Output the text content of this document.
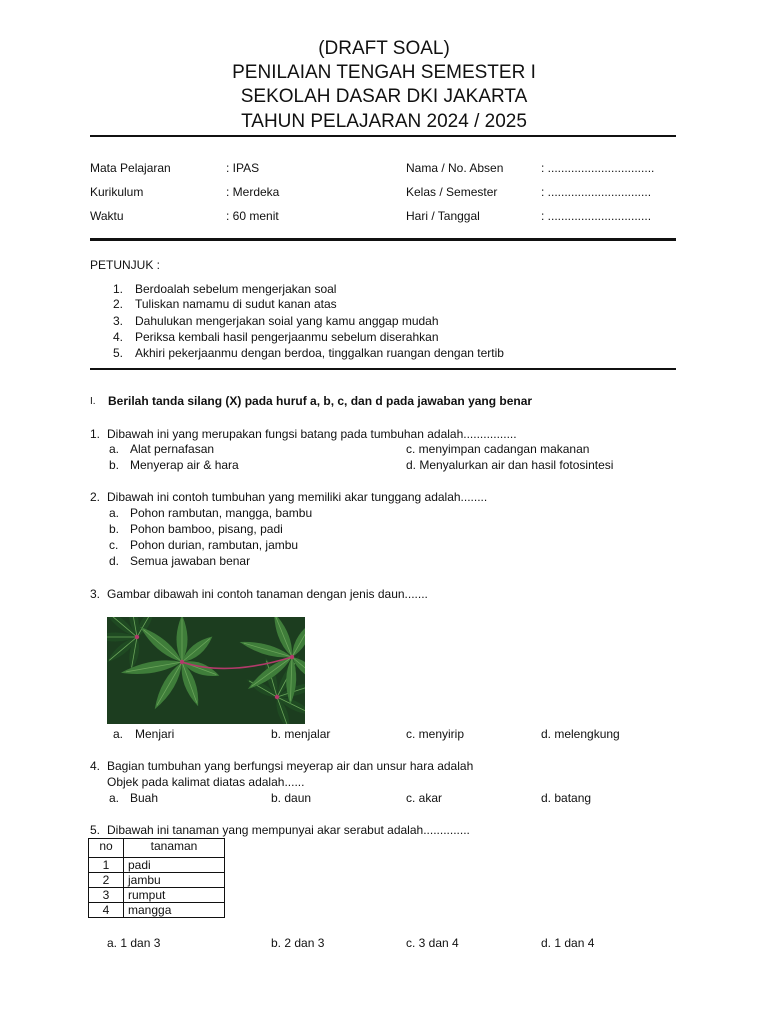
(DRAFT SOAL)
PENILAIAN TENGAH SEMESTER I
SEKOLAH DASAR DKI JAKARTA
TAHUN PELAJARAN 2024 / 2025
Mata Pelajaran	: IPAS
Kurikulum	: Merdeka
Waktu	: 60 menit
Nama / No. Absen	: ................................
Kelas / Semester	: ...............................
Hari / Tanggal	: ...............................
PETUNJUK :
1. Berdoalah sebelum mengerjakan soal
2. Tuliskan namamu di sudut kanan atas
3. Dahulukan mengerjakan soial yang kamu anggap mudah
4. Periksa kembali hasil pengerjaanmu sebelum diserahkan
5. Akhiri pekerjaanmu dengan berdoa, tinggalkan ruangan dengan tertib
I. Berilah tanda silang (X) pada huruf a, b, c, dan d pada jawaban yang benar
1. Dibawah ini yang merupakan fungsi batang pada tumbuhan adalah................
a. Alat pernafasan
b. Menyerap air & hara
c. menyimpan cadangan makanan
d. Menyalurkan air dan hasil fotosintesi
2. Dibawah ini contoh tumbuhan yang memiliki akar tunggang adalah........
a. Pohon rambutan, mangga, bambu
b. Pohon bamboo, pisang, padi
c. Pohon durian, rambutan, jambu
d. Semua jawaban benar
3. Gambar dibawah ini contoh tanaman dengan jenis daun.......
a. Menjari	b. menjalar	c. menyirip	d. melengkung
4. Bagian tumbuhan yang berfungsi meyerap air dan unsur hara adalah
Objek pada kalimat diatas adalah......
a. Buah	b. daun	c. akar	d. batang
5. Dibawah ini tanaman yang mempunyai akar serabut adalah..............
no	tanaman
1	padi
2	jambu
3	rumput
4	mangga
a. 1 dan 3	b. 2 dan 3	c. 3 dan 4	d. 1 dan 4
